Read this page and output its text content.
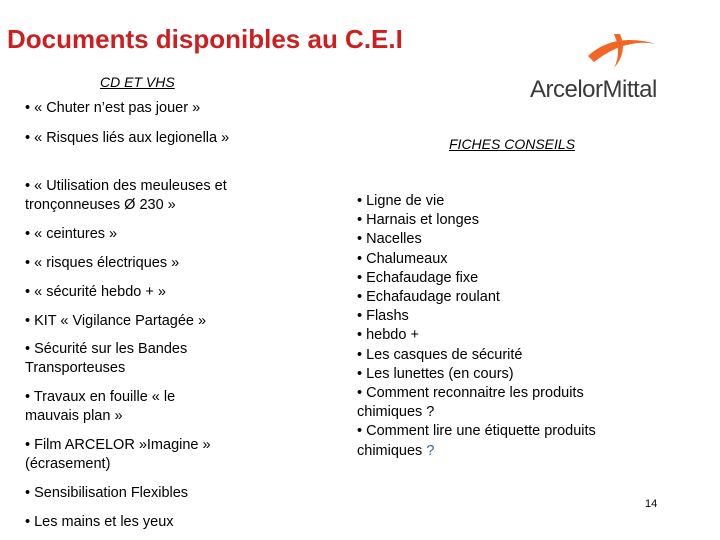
Documents disponibles au C.E.I
ArcelorMittal
CD ET VHS
• « Chuter n’est pas jouer »
• « Risques liés aux legionella »
• « Utilisation des meuleuses et tronçonneuses Ø 230 »
• « ceintures »
• « risques électriques »
• « sécurité hebdo + »
• KIT « Vigilance Partagée »
• Sécurité sur les Bandes Transporteuses
• Travaux en fouille « le mauvais plan »
• Film ARCELOR »Imagine » (écrasement)
• Sensibilisation Flexibles
• Les mains et les yeux
FICHES CONSEILS
• Ligne de vie
• Harnais et longes
• Nacelles
• Chalumeaux
• Echafaudage fixe
• Echafaudage roulant
• Flashs
• hebdo +
• Les casques de sécurité
• Les lunettes (en cours)
• Comment reconnaitre les produits chimiques ?
• Comment lire une étiquette produits chimiques ?
14
